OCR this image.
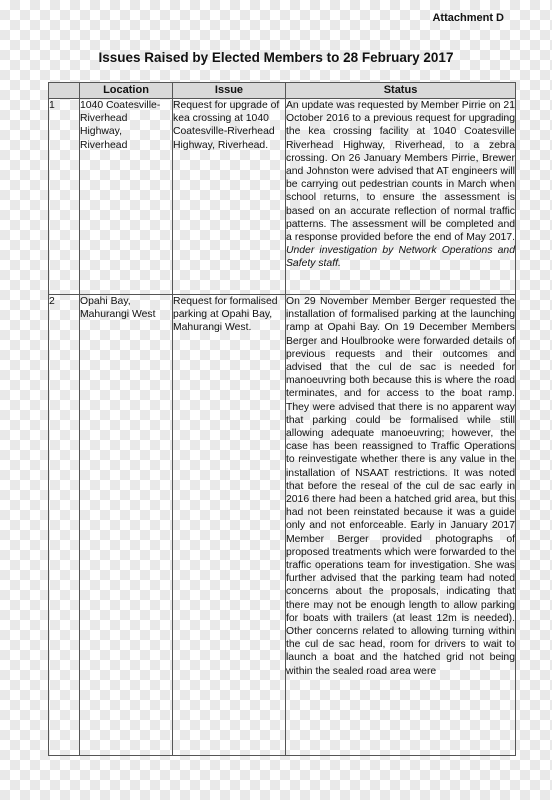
Attachment D
Issues Raised by Elected Members to 28 February 2017
	Location	Issue	Status
1	1040 Coatesville-Riverhead Highway, Riverhead	Request for upgrade of kea crossing at 1040 Coatesville-Riverhead Highway, Riverhead.	An update was requested by Member Pirrie on 21 October 2016 to a previous request for upgrading the kea crossing facility at 1040 Coatesville Riverhead Highway, Riverhead, to a zebra crossing. On 26 January Members Pirrie, Brewer and Johnston were advised that AT engineers will be carrying out pedestrian counts in March when school returns, to ensure the assessment is based on an accurate reflection of normal traffic patterns. The assessment will be completed and a response provided before the end of May 2017. Under investigation by Network Operations and Safety staff.
2	Opahi Bay, Mahurangi West	Request for formalised parking at Opahi Bay, Mahurangi West.	On 29 November Member Berger requested the installation of formalised parking at the launching ramp at Opahi Bay. On 19 December Members Berger and Houlbrooke were forwarded details of previous requests and their outcomes and advised that the cul de sac is needed for manoeuvring both because this is where the road terminates, and for access to the boat ramp. They were advised that there is no apparent way that parking could be formalised while still allowing adequate manoeuvring; however, the case has been reassigned to Traffic Operations to reinvestigate whether there is any value in the installation of NSAAT restrictions. It was noted that before the reseal of the cul de sac early in 2016 there had been a hatched grid area, but this had not been reinstated because it was a guide only and not enforceable. Early in January 2017 Member Berger provided photographs of proposed treatments which were forwarded to the traffic operations team for investigation. She was further advised that the parking team had noted concerns about the proposals, indicating that there may not be enough length to allow parking for boats with trailers (at least 12m is needed). Other concerns related to allowing turning within the cul de sac head, room for drivers to wait to launch a boat and the hatched grid not being within the sealed road area were
